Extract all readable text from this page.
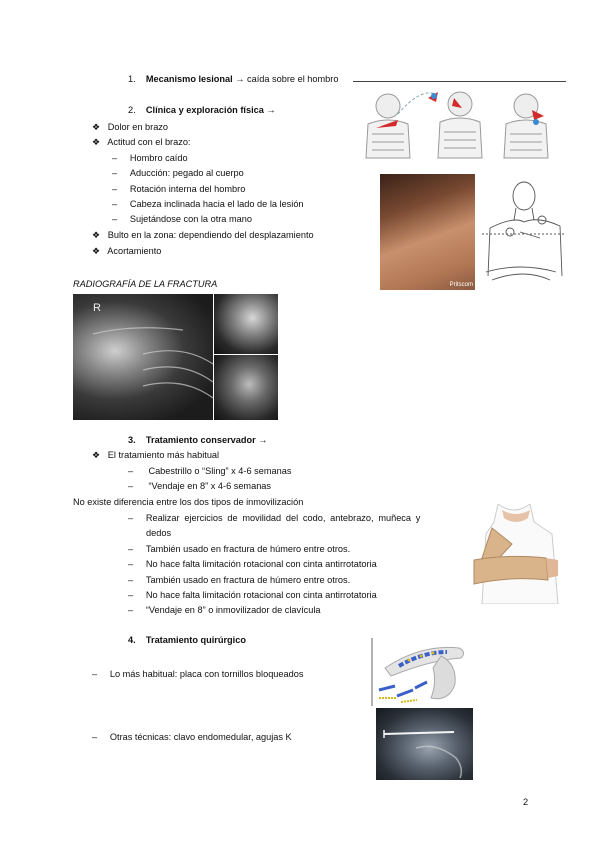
1. Mecanismo lesional → caída sobre el hombro
2. Clínica y exploración física →
❖ Dolor en brazo
❖ Actitud con el brazo:
–     Hombro caído
–     Aducción: pegado al cuerpo
–     Rotación interna del hombro
–     Cabeza inclinada hacia el lado de la lesión
–     Sujetándose con la otra mano
❖ Bulto en la zona: dependiendo del desplazamiento
❖ Acortamiento
Pritscom
RADIOGRAFÍA DE LA FRACTURA
R
3. Tratamiento conservador →
❖ El tratamiento más habitual
–      Cabestrillo o “Sling” x 4-6 semanas
–      “Vendaje en 8” x 4-6 semanas
No existe diferencia entre los dos tipos de inmovilización
–     Realizar ejercicios de movilidad del codo, antebrazo, muñeca y
dedos
–     También usado en fractura de húmero entre otros.
–     No hace falta limitación rotacional con cinta antirrotatoria
–     También usado en fractura de húmero entre otros.
–     No hace falta limitación rotacional con cinta antirrotatoria
–     “Vendaje en 8” o inmovilizador de clavícula
4. Tratamiento quirúrgico
–     Lo más habitual: placa con tornillos bloqueados
–     Otras técnicas: clavo endomedular, agujas K
2
